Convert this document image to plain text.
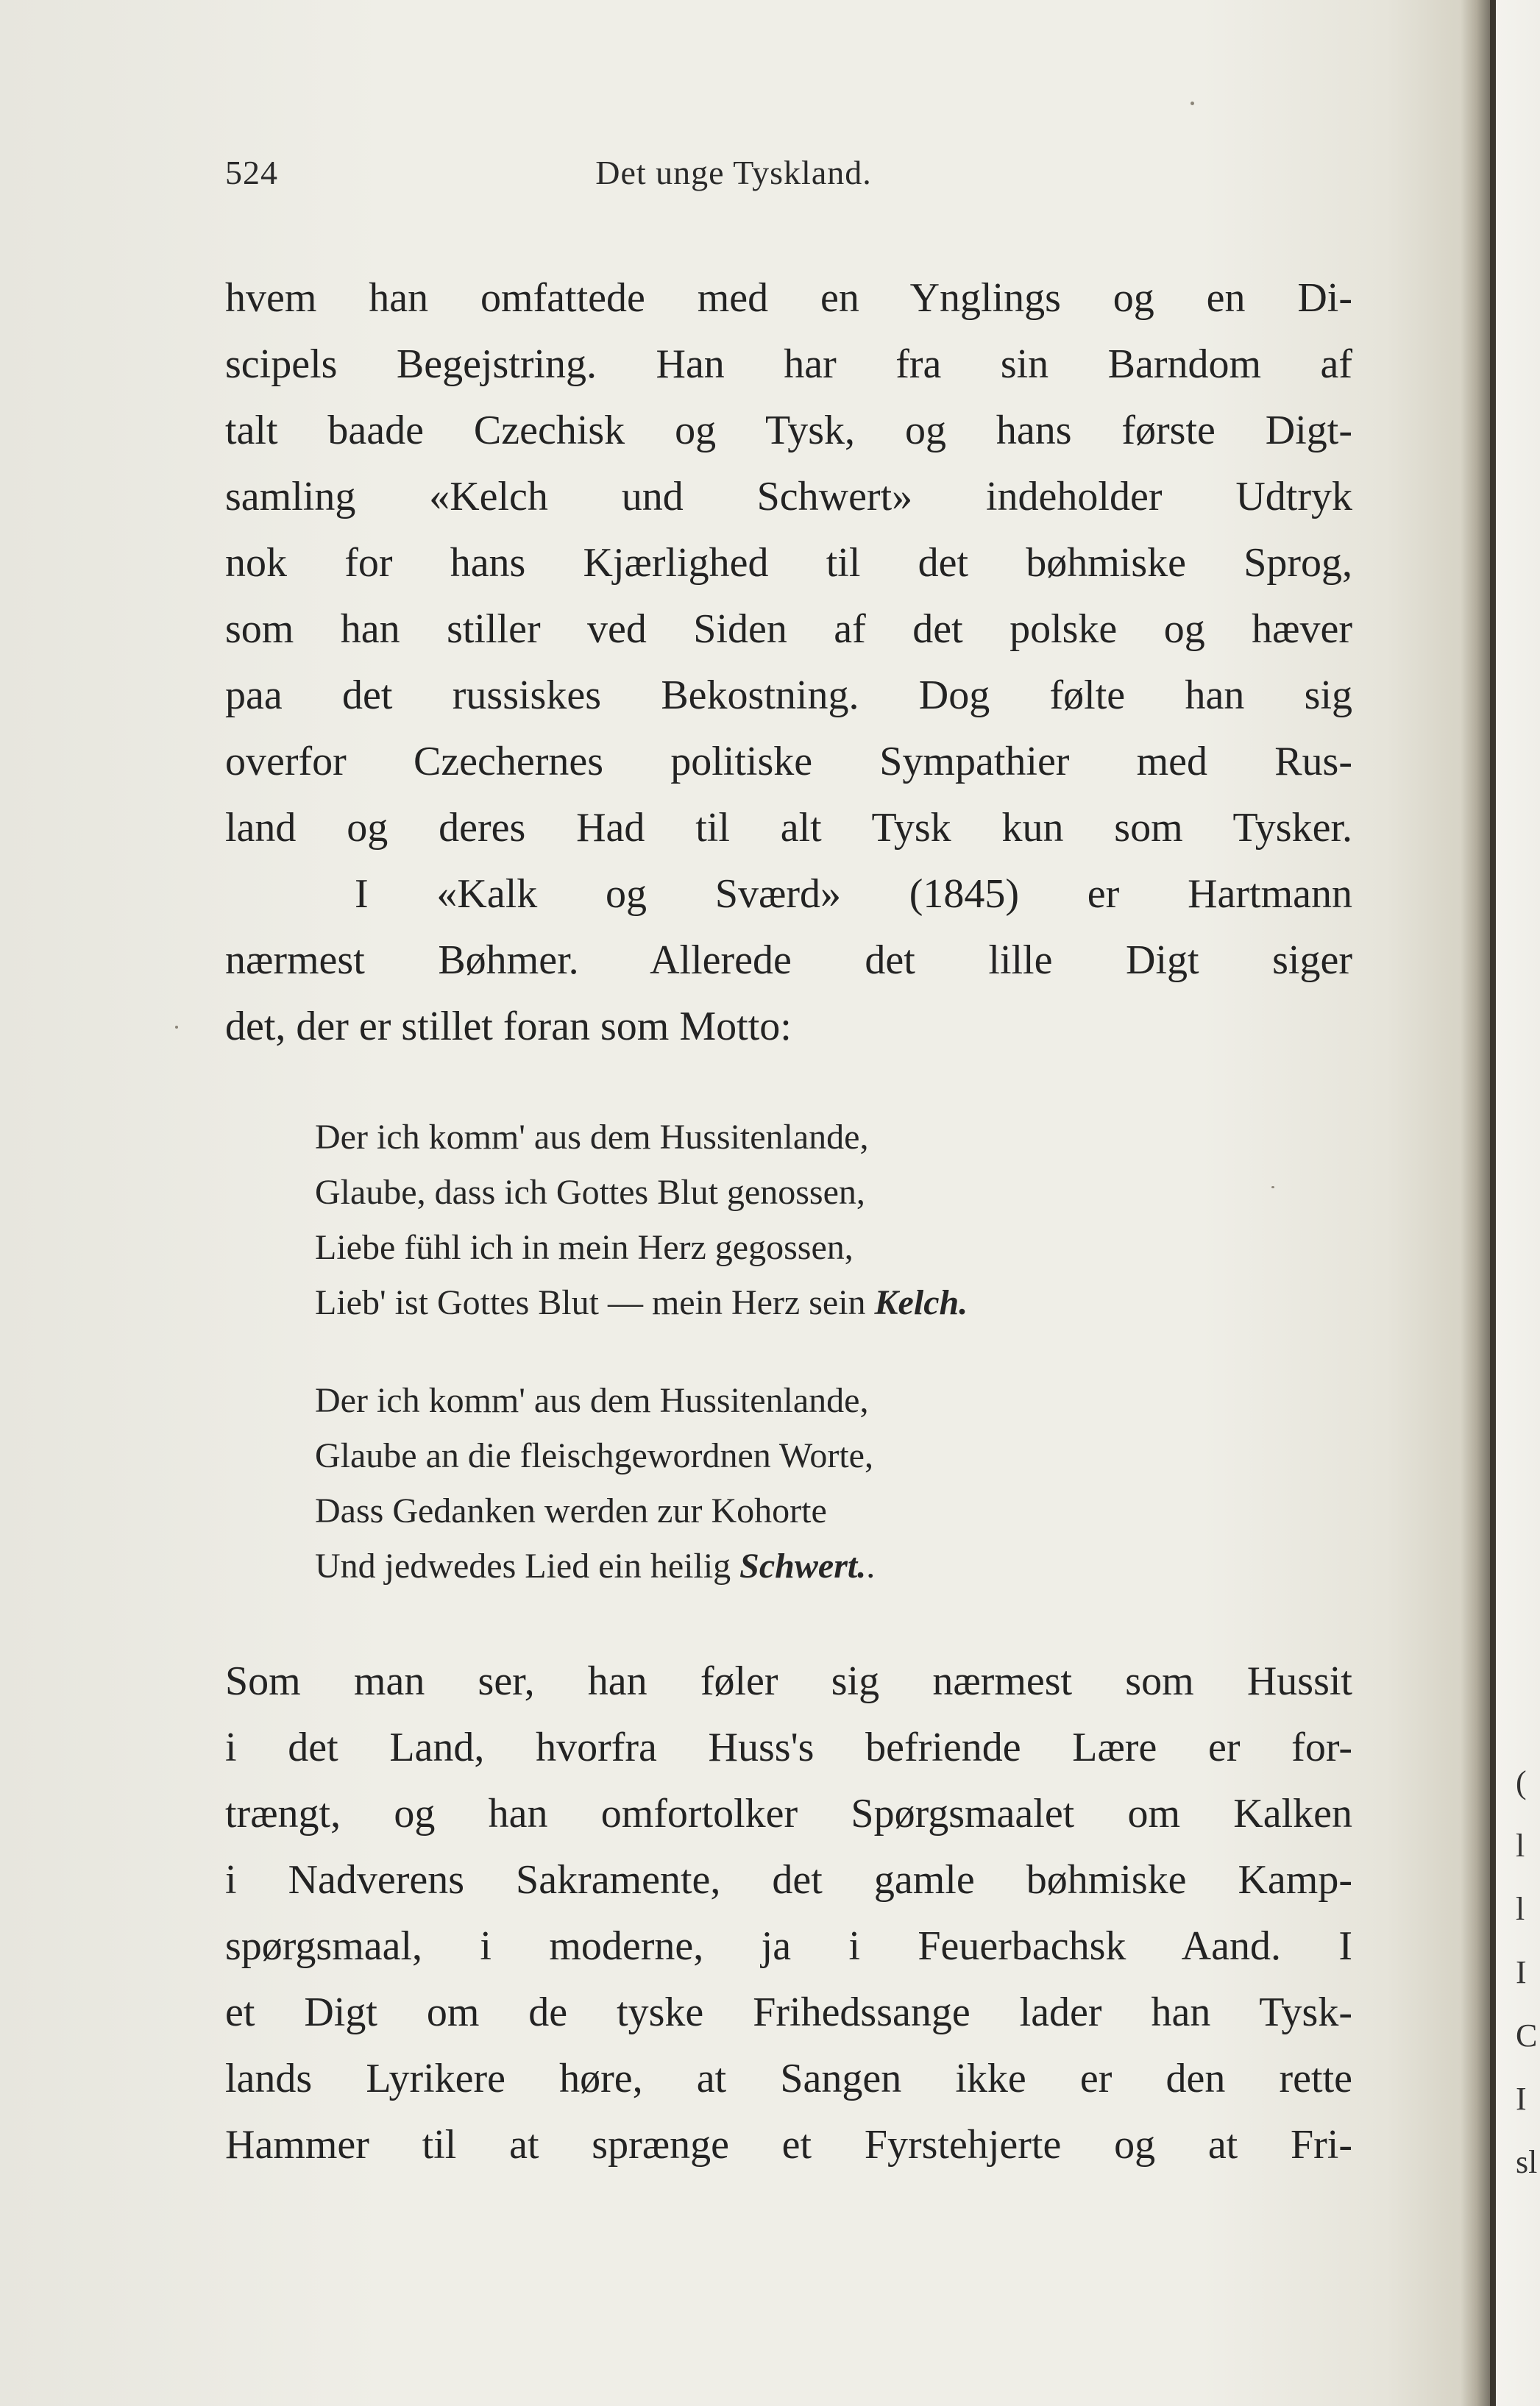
524	Det unge Tyskland.
hvem han omfattede med en Ynglings og en Di-
scipels Begejstring. Han har fra sin Barndom af
talt baade Czechisk og Tysk, og hans første Digt-
samling «Kelch und Schwert» indeholder Udtryk
nok for hans Kjærlighed til det bøhmiske Sprog,
som han stiller ved Siden af det polske og hæver
paa det russiskes Bekostning. Dog følte han sig
overfor Czechernes politiske Sympathier med Rus-
land og deres Had til alt Tysk kun som Tysker.
I «Kalk og Sværd» (1845) er Hartmann
nærmest Bøhmer. Allerede det lille Digt siger
det, der er stillet foran som Motto:
Der ich komm' aus dem Hussitenlande,
Glaube, dass ich Gottes Blut genossen,
Liebe fühl ich in mein Herz gegossen,
Lieb' ist Gottes Blut — mein Herz sein Kelch.
Der ich komm' aus dem Hussitenlande,
Glaube an die fleischgewordnen Worte,
Dass Gedanken werden zur Kohorte
Und jedwedes Lied ein heilig Schwert..
Som man ser, han føler sig nærmest som Hussit
i det Land, hvorfra Huss's befriende Lære er for-
trængt, og han omfortolker Spørgsmaalet om Kalken
i Nadverens Sakramente, det gamle bøhmiske Kamp-
spørgsmaal, i moderne, ja i Feuerbachsk Aand. I
et Digt om de tyske Frihedssange lader han Tysk-
lands Lyrikere høre, at Sangen ikke er den rette
Hammer til at sprænge et Fyrstehjerte og at Fri-
(
l
l
I
C
I
sl
